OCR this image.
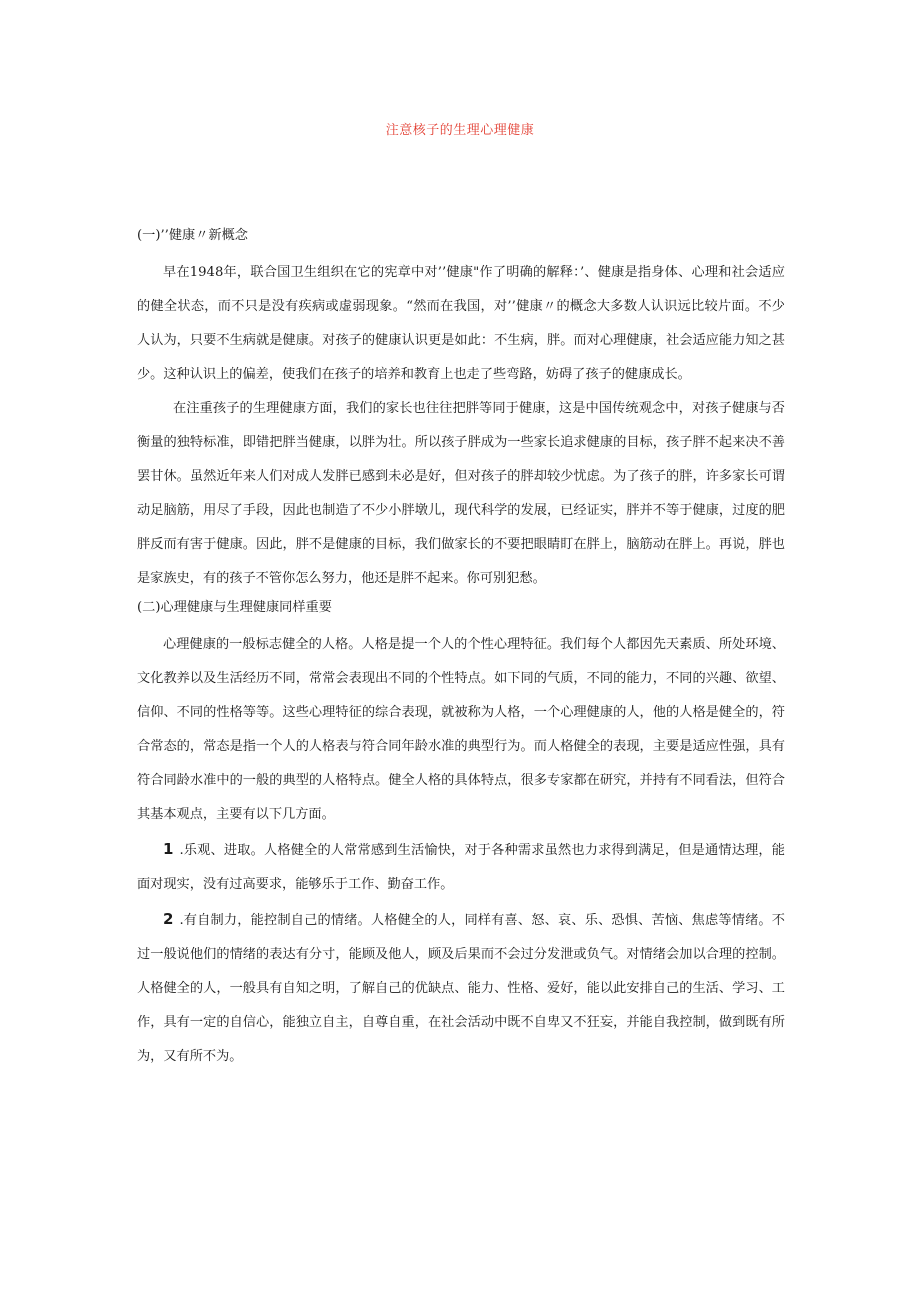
注意核子的生理心理健康

(一)’’健康〃新概念

早在1948年，联合国卫生组织在它的宪章中对’’健康"作了明确的解释：’、健康是指身体、心理和社会适应的健全状态，而不只是没有疾病或虚弱现象。“然而在我国，对’’健康〃的概念大多数人认识远比较片面。不少人认为，只要不生病就是健康。对孩子的健康认识更是如此：不生病，胖。而对心理健康，社会适应能力知之甚少。这种认识上的偏差，使我们在孩子的培养和教育上也走了些弯路，妨碍了孩子的健康成长。

在注重孩子的生理健康方面，我们的家长也往往把胖等同于健康，这是中国传统观念中，对孩子健康与否衡量的独特标准，即错把胖当健康，以胖为壮。所以孩子胖成为一些家长追求健康的目标，孩子胖不起来决不善罢甘休。虽然近年来人们对成人发胖已感到未必是好，但对孩子的胖却较少忧虑。为了孩子的胖，许多家长可谓动足脑筋，用尽了手段，因此也制造了不少小胖墩儿，现代科学的发展，已经证实，胖并不等于健康，过度的肥胖反而有害于健康。因此，胖不是健康的目标，我们做家长的不要把眼睛盯在胖上，脑筋动在胖上。再说，胖也是家族史，有的孩子不管你怎么努力，他还是胖不起来。你可别犯愁。

(二)心理健康与生理健康同样重要

心理健康的一般标志健全的人格。人格是提一个人的个性心理特征。我们每个人都因先天素质、所处环境、文化教养以及生活经历不同，常常会表现出不同的个性特点。如下同的气质，不同的能力，不同的兴趣、欲望、信仰、不同的性格等等。这些心理特征的综合表现，就被称为人格，一个心理健康的人，他的人格是健全的，符合常态的，常态是指一个人的人格表与符合同年龄水准的典型行为。而人格健全的表现，主要是适应性强，具有符合同龄水准中的一般的典型的人格特点。健全人格的具体特点，很多专家都在研究，并持有不同看法，但符合其基本观点，主要有以下几方面。

1 .乐观、进取。人格健全的人常常感到生活愉快，对于各种需求虽然也力求得到满足，但是通情达理，能面对现实，没有过高要求，能够乐于工作、勤奋工作。

2 .有自制力，能控制自己的情绪。人格健全的人，同样有喜、怒、哀、乐、恐惧、苦恼、焦虑等情绪。不过一般说他们的情绪的表达有分寸，能顾及他人，顾及后果而不会过分发泄或负气。对情绪会加以合理的控制。人格健全的人，一般具有自知之明，了解自己的优缺点、能力、性格、爱好，能以此安排自己的生活、学习、工作，具有一定的自信心，能独立自主，自尊自重，在社会活动中既不自卑又不狂妄，并能自我控制，做到既有所为，又有所不为。
